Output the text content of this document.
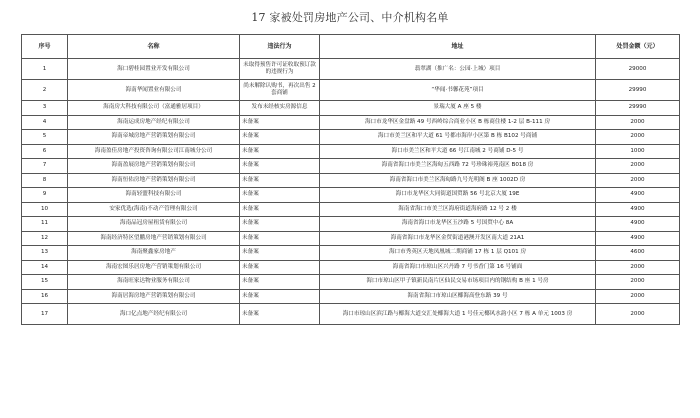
17 家被处罚房地产公司、中介机构名单
序号	名称	违法行为	地址	处罚金额（元）
1	海口碧桂园置业开发有限公司	未取得预售许可证收取预订款的违规行为	翡翠湖（推广名：公园·上城）项目	29000
2	海南华闻置业有限公司	尚未解除认购书，再次出售 2 套商铺	“华闻·书馨花苑”项目	29990
3	海南房大科技有限公司（富通雅居项目）	发布未经核实房源信息	景瑞大厦 A 座 5 楼	29990
4	海南运成房地产经纪有限公司	未备案	海口市龙华区金盘路 49 号西岭综合商业小区 B 栋商住楼 1-2 层 B-111 房	2000
5	海南帝城房地产营销策划有限公司	未备案	海口市美兰区和平大道 61 号都市海岸小区第 B 栋 B102 号商铺	2000
6	海南盈佳房地产投资咨询有限公司江南城分公司	未备案	海口市美兰区和平大道 66 号江南城 2 号商铺 D-5 号	1000
7	海南盈展房地产营销策划有限公司	未备案	海南省海口市美兰区海甸五西路 72 号珍珠裕苑南区 B018 房	2000
8	海南恒佑房地产营销策划有限公司	未备案	海南省海口市美兰区海甸路九号光明阁 B 座 1002D 房	2000
9	海南轻盟科技有限公司	未备案	海口市龙华区大同街道国贸路 56 号北京大厦 19E	4900
10	安家优选(海南)不动产管理有限公司	未备案	海南省海口市美兰区海府街道海府路 12 号 2 楼	4900
11	海南品冠房屋租赁有限公司	未备案	海南省海口市龙华区玉沙路 5 号国贸中心 8A	4900
12	海南经济特区望鹏房地产营销策划有限公司	未备案	海南省海口市龙华区金贸街道港澳开发区南大道 21A1	4900
13	海南聚鑫家房地产	未备案	海口市秀英区天地凤凰城二期商铺 17 栋 1 层 Q101 房	4600
14	海南宏图乐居房地产营销策划有限公司	未备案	海南省海口市琼山区兴丹路 7 号书香门第 16 号铺面	2000
15	海南旺家达物业服务有限公司	未备案	海口市琼山区甲子镇新民南片区仙民交易市场项目内的钢结构 B 座 1 号房	2000
16	海南居海房地产营销策划有限公司	未备案	海南省海口市琼山区椰海高登东路 39 号	2000
17	海口亿点地产经纪有限公司	未备案	海口市琼山区滨江路与椰海大道交汇处椰海大道 1 号佳元椰风水韵小区 7 栋 A 单元 1003 房	2000
